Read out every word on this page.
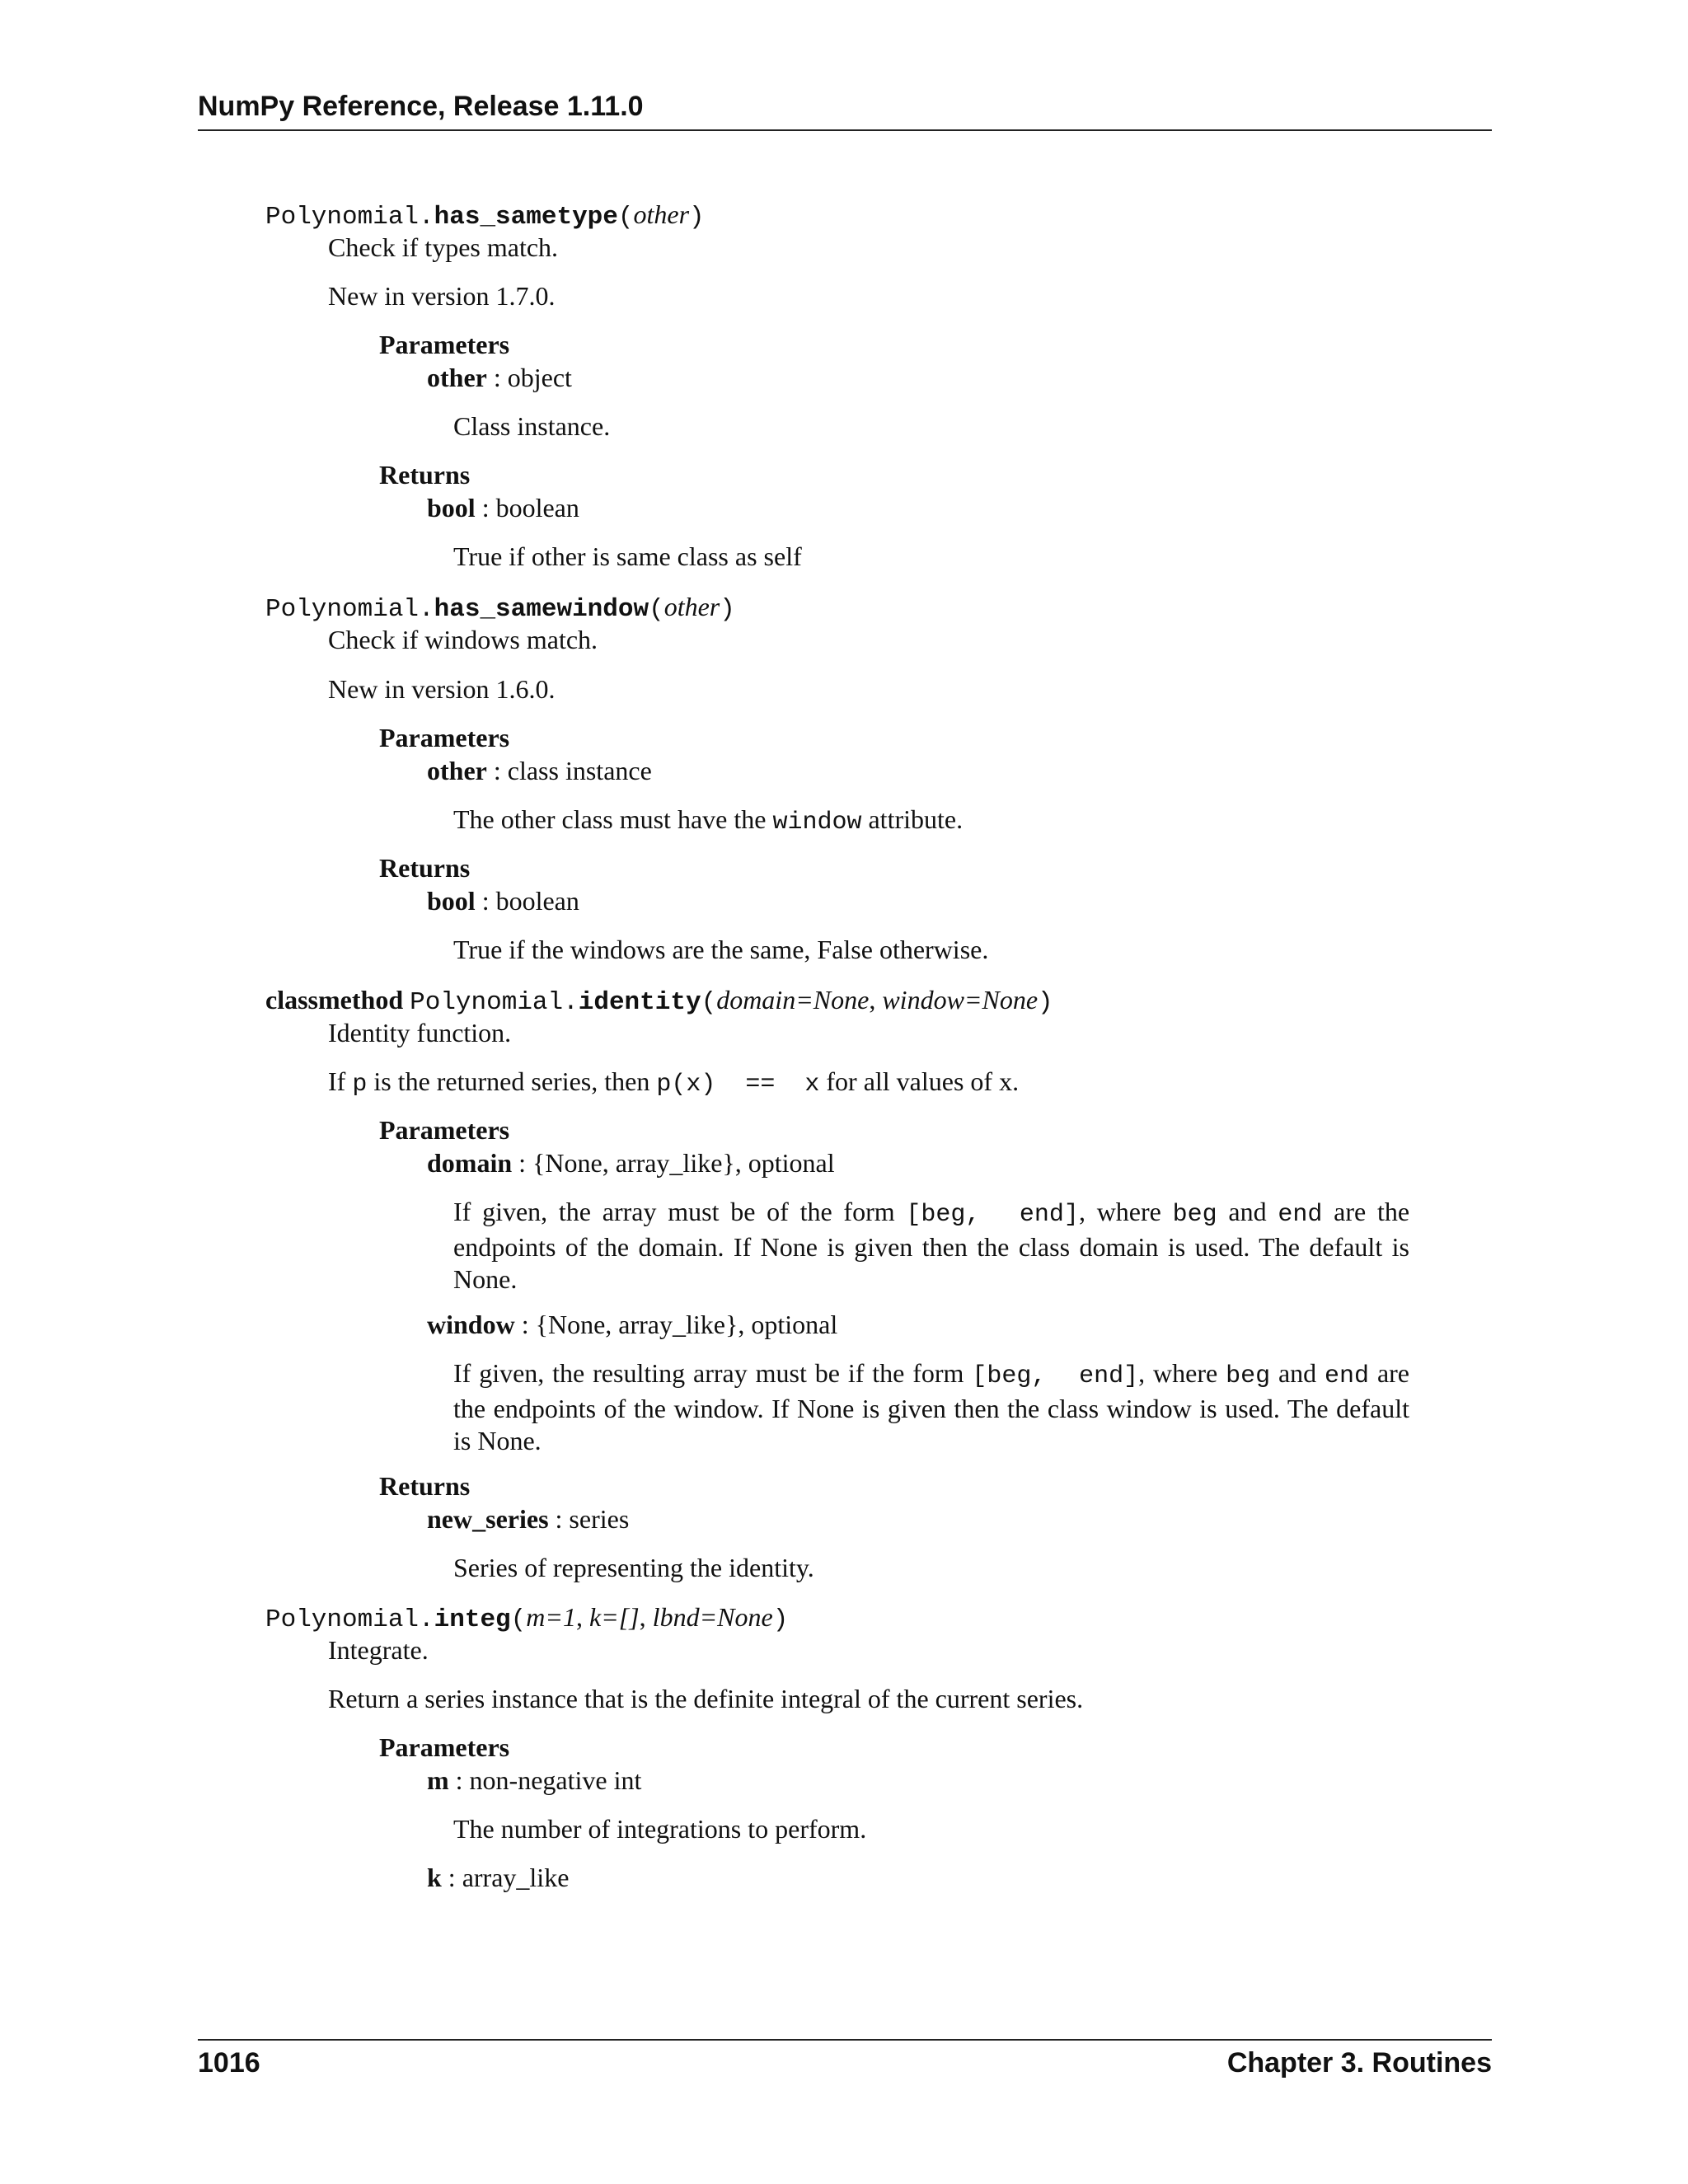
NumPy Reference, Release 1.11.0
Polynomial.has_sametype(other)
Check if types match.
New in version 1.7.0.
Parameters
other : object
Class instance.
Returns
bool : boolean
True if other is same class as self
Polynomial.has_samewindow(other)
Check if windows match.
New in version 1.6.0.
Parameters
other : class instance
The other class must have the window attribute.
Returns
bool : boolean
True if the windows are the same, False otherwise.
classmethod Polynomial.identity(domain=None, window=None)
Identity function.
If p is the returned series, then p(x)  ==  x for all values of x.
Parameters
domain : {None, array_like}, optional
If given, the array must be of the form [beg,  end], where beg and end are the endpoints of the domain. If None is given then the class domain is used. The default is None.
window : {None, array_like}, optional
If given, the resulting array must be if the form [beg,  end], where beg and end are the endpoints of the window. If None is given then the class window is used. The default is None.
Returns
new_series : series
Series of representing the identity.
Polynomial.integ(m=1, k=[], lbnd=None)
Integrate.
Return a series instance that is the definite integral of the current series.
Parameters
m : non-negative int
The number of integrations to perform.
k : array_like
1016	Chapter 3. Routines
